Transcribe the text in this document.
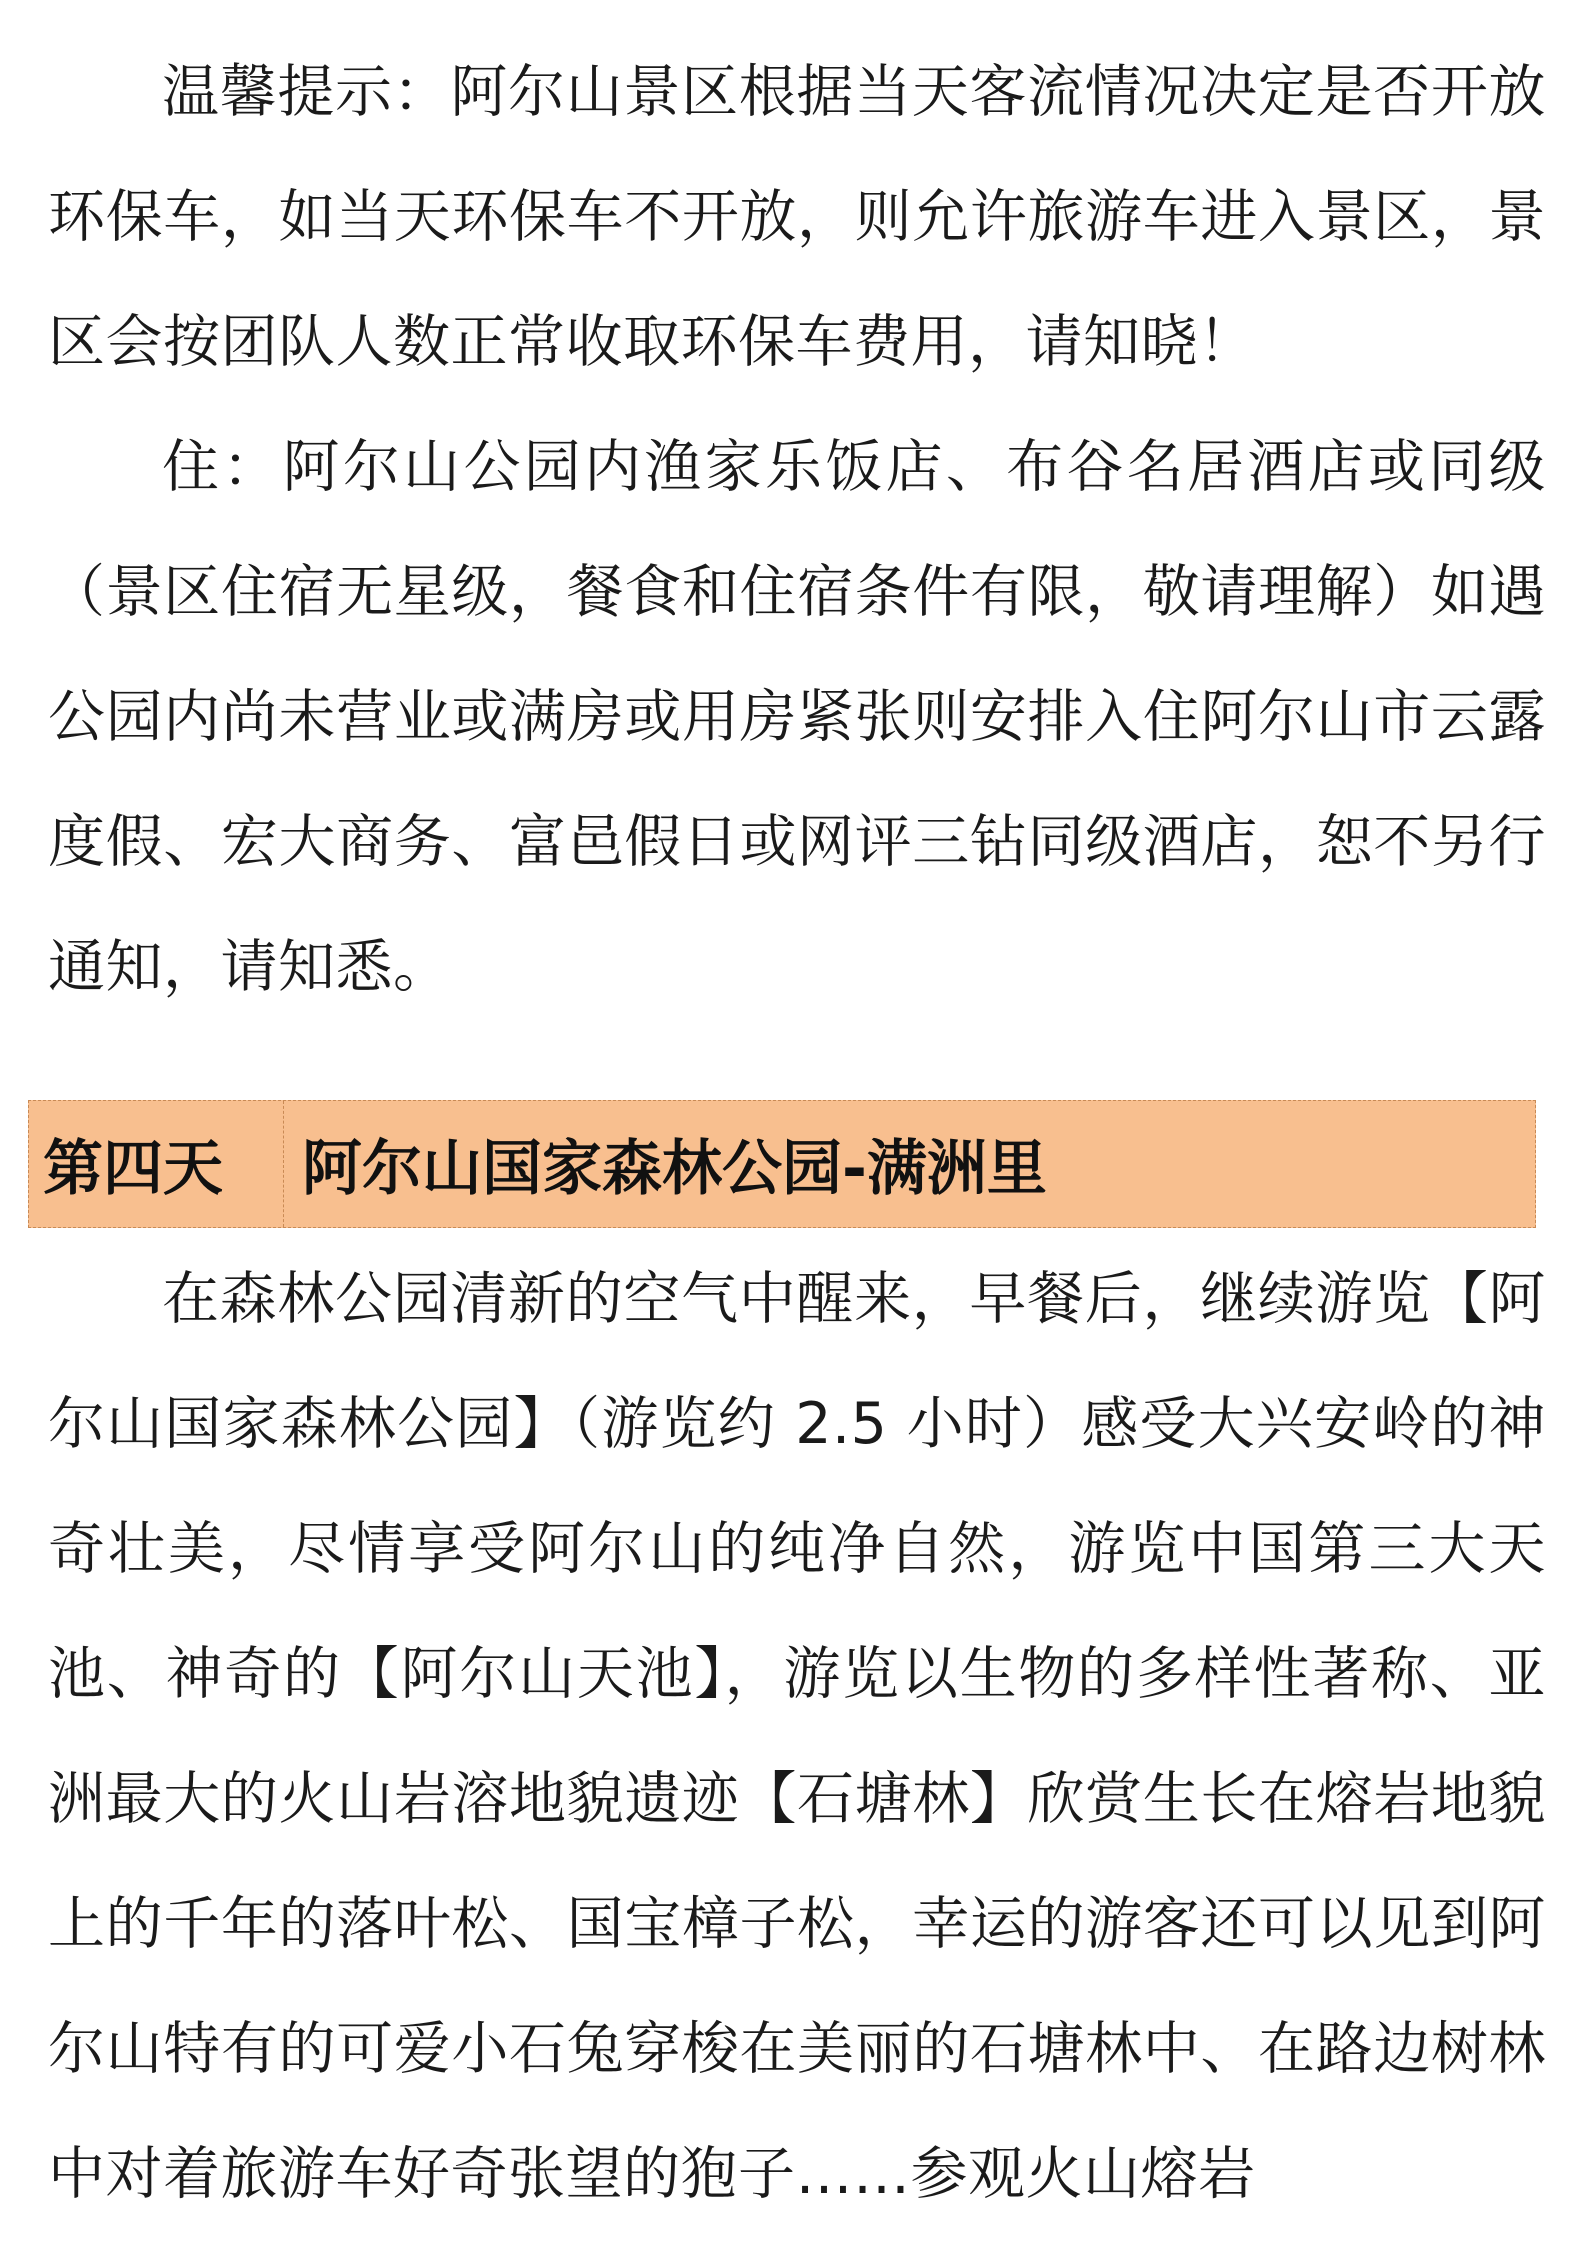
温馨提示：阿尔山景区根据当天客流情况决定是否开放环保车，如当天环保车不开放，则允许旅游车进入景区，景区会按团队人数正常收取环保车费用，请知晓！

住：阿尔山公园内渔家乐饭店、布谷名居酒店或同级（景区住宿无星级，餐食和住宿条件有限，敬请理解）如遇公园内尚未营业或满房或用房紧张则安排入住阿尔山市云露度假、宏大商务、富邑假日或网评三钻同级酒店，恕不另行通知，请知悉。

第四天	阿尔山国家森林公园-满洲里

在森林公园清新的空气中醒来，早餐后，继续游览【阿尔山国家森林公园】（游览约 2.5 小时）感受大兴安岭的神奇壮美，尽情享受阿尔山的纯净自然，游览中国第三大天池、神奇的【阿尔山天池】，游览以生物的多样性著称、亚洲最大的火山岩溶地貌遗迹【石塘林】欣赏生长在熔岩地貌上的千年的落叶松、国宝樟子松，幸运的游客还可以见到阿尔山特有的可爱小石兔穿梭在美丽的石塘林中、在路边树林中对着旅游车好奇张望的狍子……参观火山熔岩
